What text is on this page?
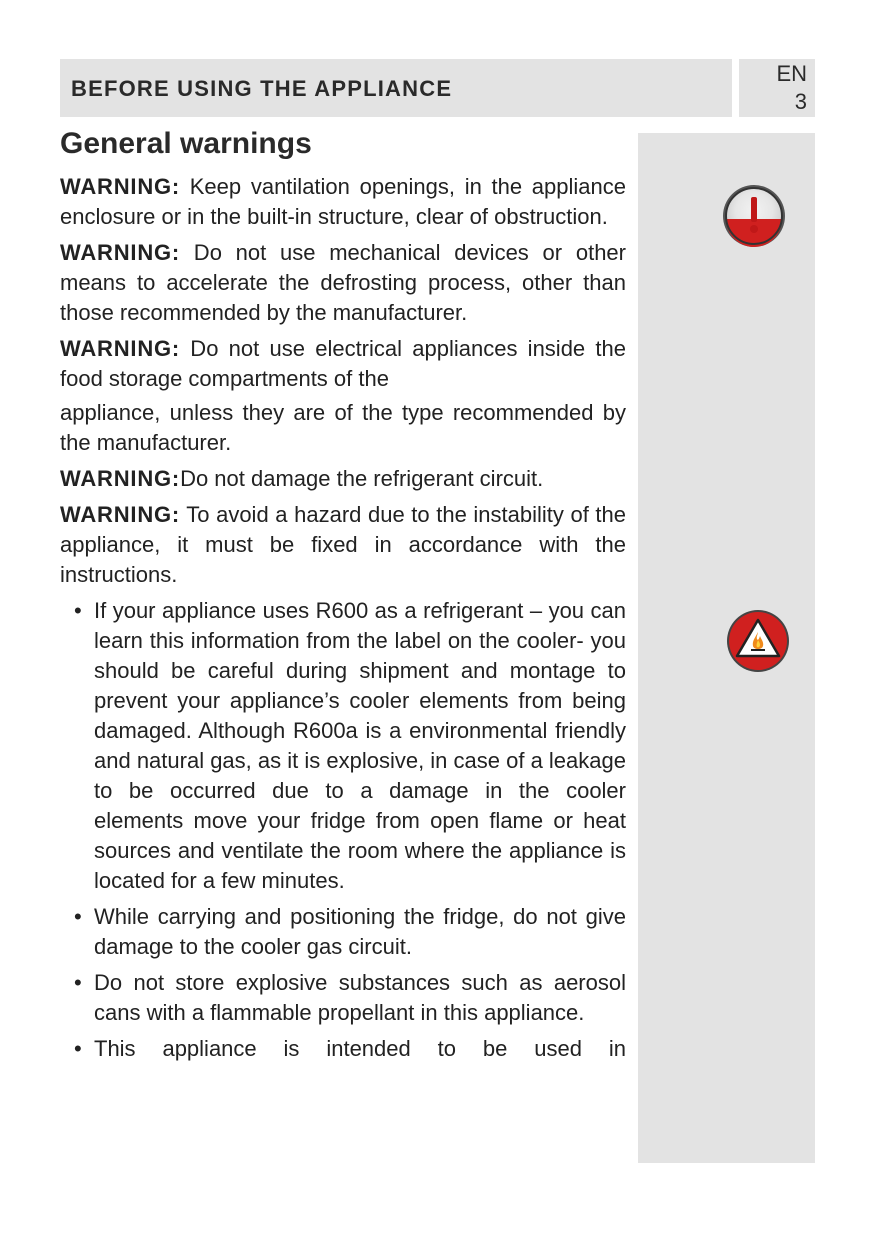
BEFORE USING THE APPLIANCE
EN
3
General warnings

WARNING: Keep vantilation openings, in the appliance enclosure or in the built-in structure, clear of obstruction.

WARNING: Do not use mechanical devices or other means to accelerate the defrosting process, other than those recommended by the manufacturer.

WARNING: Do not use electrical appliances inside the food storage compartments of the

appliance, unless they are of the type recommended by the manufacturer.

WARNING:Do not damage the refrigerant circuit.

WARNING: To avoid a hazard due to the instability of the appliance, it must be fixed in accordance with the instructions.

• If your appliance uses R600 as a refrigerant – you can learn this information from the label on the cooler- you should be careful during shipment and montage to prevent your appliance’s cooler elements from being damaged. Although R600a is a environmental friendly and natural gas, as it is explosive, in case of a leakage to be occurred due to a damage in the cooler elements move your fridge from open flame or heat sources and ventilate the room where the appliance is located for a few minutes.
• While carrying and positioning the fridge, do not give damage to the cooler gas circuit.
• Do not store explosive substances such as aerosol cans with a flammable propellant in this appliance.
• This appliance is intended to be used in
